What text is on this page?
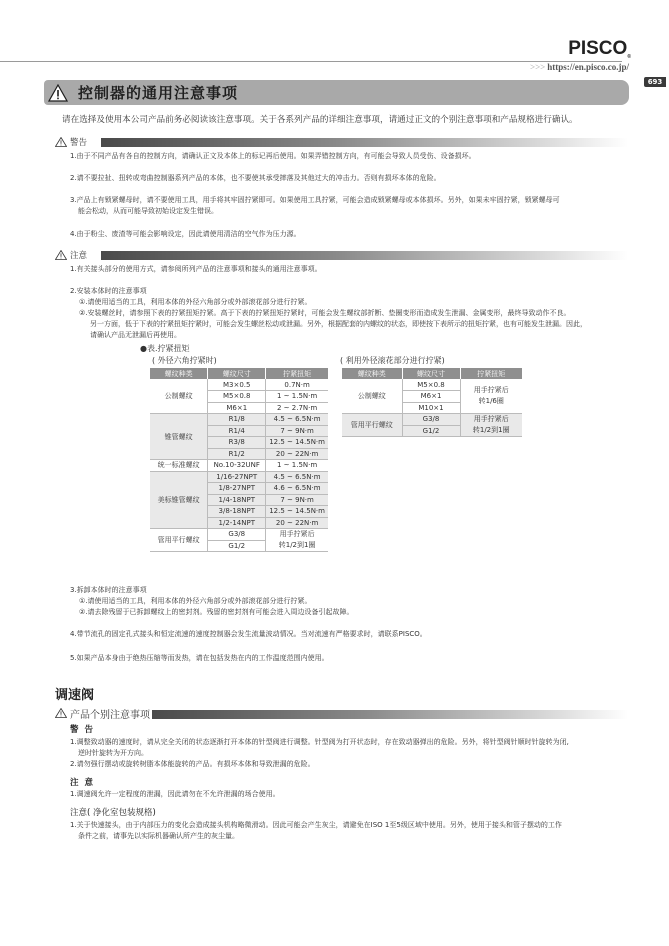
PISCO®
>>> https://en.pisco.co.jp/
693
控制器的通用注意事项
请在选择及使用本公司产品前务必阅读该注意事项。关于各系列产品的详细注意事项，请通过正文的个别注意事项和产品规格进行确认。
警告
1.由于不同产品有各自的控制方向，请确认正文及本体上的标记再后使用。如果弄错控制方向，有可能会导致人员受伤、设备损坏。
2.请不要拉扯、扭转或弯曲控制器系列产品的本体，也不要使其承受摔落及其他过大的冲击力。否则有损坏本体的危险。
3.产品上有锁紧螺母时，请不要使用工具，用手将其牢固拧紧即可。如果使用工具拧紧，可能会造成锁紧螺母或本体损坏。另外，如果未牢固拧紧，锁紧螺母可
能会松动，从而可能导致初始设定发生错误。
4.由于粉尘、废渣等可能会影响设定，因此请使用清洁的空气作为压力源。
注意
1.有关接头部分的使用方式，请参阅所列产品的注意事项和接头的通用注意事项。
2.安装本体时的注意事项
①.请使用适当的工具，利用本体的外径六角部分或外部滚花部分进行拧紧。
②.安装螺丝时，请参照下表的拧紧扭矩拧紧。高于下表的拧紧扭矩拧紧时，可能会发生螺纹部折断、垫圈变形而造成发生泄漏、金属变形，最终导致动作不良。
另一方面，低于下表的拧紧扭矩拧紧时，可能会发生螺丝松动或泄漏。另外，根据配套的内螺纹的状态，即使按下表所示的扭矩拧紧，也有可能发生泄漏。因此，
请确认产品无泄漏后再使用。
●表.拧紧扭矩
( 外径六角拧紧时)	( 利用外径滚花部分进行拧紧)
螺纹种类	螺纹尺寸	拧紧扭矩
公制螺纹	M3×0.5	0.7N·m
	M5×0.8	1 ~ 1.5N·m
	M6×1	2 ~ 2.7N·m
锥管螺纹	R1/8	4.5 ~ 6.5N·m
	R1/4	7 ~ 9N·m
	R3/8	12.5 ~ 14.5N·m
	R1/2	20 ~ 22N·m
统一标准螺纹	No.10-32UNF	1 ~ 1.5N·m
美标锥管螺纹	1/16-27NPT	4.5 ~ 6.5N·m
	1/8-27NPT	4.6 ~ 6.5N·m
	1/4-18NPT	7 ~ 9N·m
	3/8-18NPT	12.5 ~ 14.5N·m
	1/2-14NPT	20 ~ 22N·m
管用平行螺纹	G3/8	用手拧紧后
转1/2到1圈
	G1/2	
螺纹种类	螺纹尺寸	拧紧扭矩
公制螺纹	M5×0.8	用手拧紧后
转1/6圈
	M6×1	
	M10×1	
管用平行螺纹	G3/8	用手拧紧后
转1/2到1圈
	G1/2	
3.拆卸本体时的注意事项
①.请使用适当的工具，利用本体的外径六角部分或外部滚花部分进行拧紧。
②.请去除残留于已拆卸螺纹上的密封剂。残留的密封剂有可能会进入周边设备引起故障。
4.带节流孔的固定孔式接头和恒定流速的速度控制器会发生流量波动情况。当对流速有严格要求时，请联系PISCO。
5.如果产品本身由于绝热压缩等而发热，请在包括发热在内的工作温度范围内使用。
调速阀
产品个别注意事项
警告
1.调整致动器的速度时，请从完全关闭的状态逐渐打开本体的针型阀进行调整。针型阀为打开状态时，存在致动器弹出的危险。另外，将针型阀针顺时针旋转为闭,
逆时针旋转为开方向。
2.请勿强行摆动或旋转树脂本体能旋转的产品。有损坏本体和导致泄漏的危险。
注意
1.调速阀允许一定程度的泄漏，因此请勿在不允许泄漏的场合使用。
注意( 净化室包装规格)
1.关于快速接头，由于内部压力的变化会造成接头机构略微滑动。因此可能会产生灰尘，请避免在ISO 1至5级区域中使用。另外，使用于接头和管子摆动的工作
条件之前，请事先以实际机器确认所产生的灰尘量。
